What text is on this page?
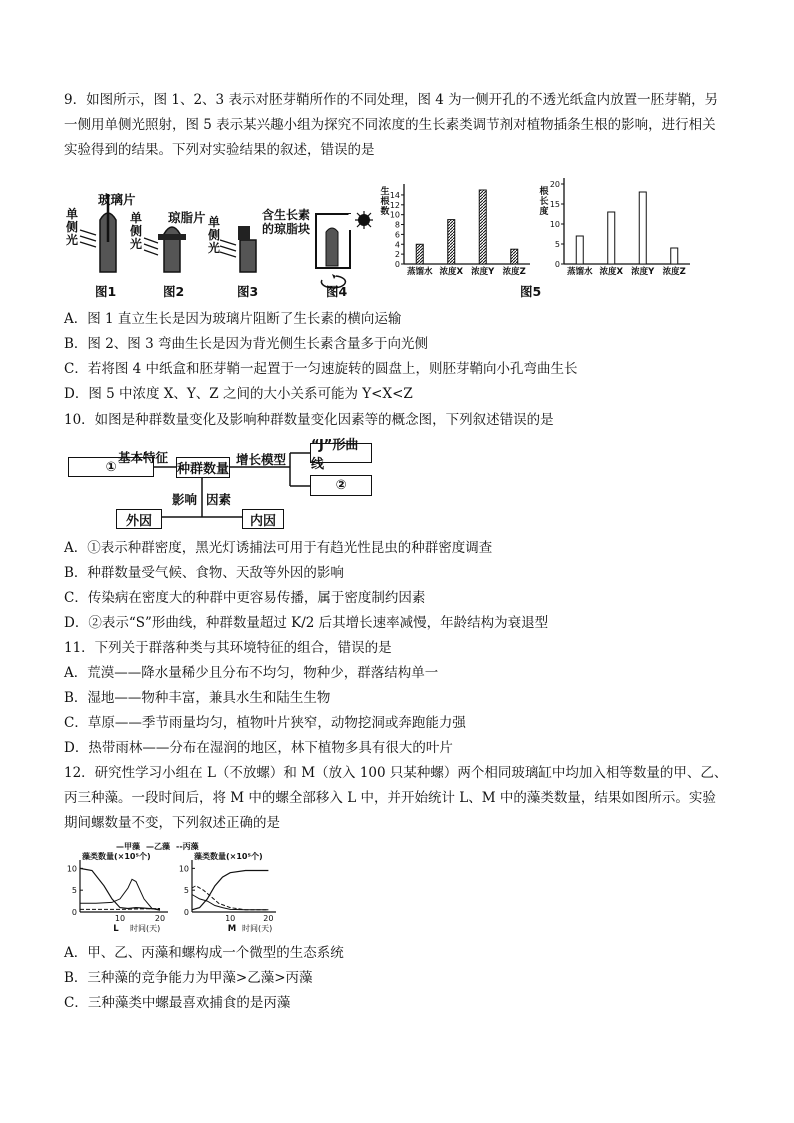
9．如图所示，图 1、2、3 表示对胚芽鞘所作的不同处理，图 4 为一侧开孔的不透光纸盒内放置一胚芽鞘，另
一侧用单侧光照射，图 5 表示某兴趣小组为探究不同浓度的生长素类调节剂对植物插条生根的影响，进行相关
实验得到的结果。下列对实验结果的叙述，错误的是
单侧光
玻璃片
单侧光
琼脂片 单侧光
含生长素的琼脂块
图1	图2	图3	图4	图5
0
2
4
6
8
10
12
14
生
根
数
蒸馏水 浓度X 浓度Y 浓度Z
0
5
10
15
20
根
长
度
蒸馏水 浓度X 浓度Y 浓度Z
A．图 1 直立生长是因为玻璃片阻断了生长素的横向运输
B．图 2、图 3 弯曲生长是因为背光侧生长素含量多于向光侧
C．若将图 4 中纸盒和胚芽鞘一起置于一匀速旋转的圆盘上，则胚芽鞘向小孔弯曲生长
D．图 5 中浓度 X、Y、Z 之间的大小关系可能为 Y<X<Z
10．如图是种群数量变化及影响种群数量变化因素等的概念图，下列叙述错误的是
①
基本特征
种群数量
增长模型
“J”形曲线
②
影响 因素
外因	内因
A．①表示种群密度，黑光灯诱捕法可用于有趋光性昆虫的种群密度调查
B．种群数量受气候、食物、天敌等外因的影响
C．传染病在密度大的种群中更容易传播，属于密度制约因素
D．②表示“S”形曲线，种群数量超过 K/2 后其增长速率减慢，年龄结构为衰退型
11．下列关于群落种类与其环境特征的组合，错误的是
A．荒漠——降水量稀少且分布不均匀，物种少，群落结构单一
B．湿地——物种丰富，兼具水生和陆生生物
C．草原——季节雨量均匀，植物叶片狭窄，动物挖洞或奔跑能力强
D．热带雨林——分布在湿润的地区，林下植物多具有很大的叶片
12．研究性学习小组在 L（不放螺）和 M（放入 100 只某种螺）两个相同玻璃缸中均加入相等数量的甲、乙、
丙三种藻。一段时间后，将 M 中的螺全部移入 L 中，并开始统计 L、M 中的藻类数量，结果如图所示。实验
期间螺数量不变，下列叙述正确的是
0
5
10
10	20
L 时间(天)
藻类数量(×10⁵个)
—甲藻 —乙藻 --丙藻
0
5
10
10	20
M 时间(天)
藻类数量(×10⁵个)
A．甲、乙、丙藻和螺构成一个微型的生态系统
B．三种藻的竞争能力为甲藻>乙藻>丙藻
C．三种藻类中螺最喜欢捕食的是丙藻
